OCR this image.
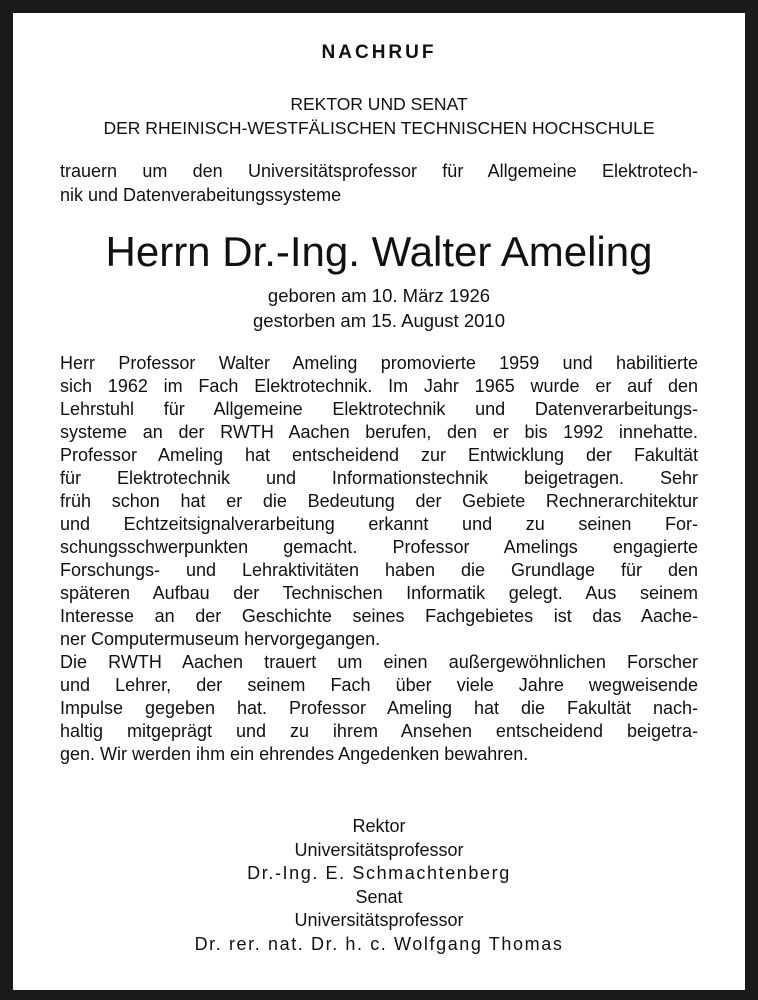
NACHRUF
REKTOR UND SENAT
DER RHEINISCH-WESTFÄLISCHEN TECHNISCHEN HOCHSCHULE
trauern um den Universitätsprofessor für Allgemeine Elektrotech-
nik und Datenverabeitungssysteme
Herrn Dr.-Ing. Walter Ameling
geboren am 10. März 1926
gestorben am 15. August 2010

Herr Professor Walter Ameling promovierte 1959 und habilitierte
sich 1962 im Fach Elektrotechnik. Im Jahr 1965 wurde er auf den
Lehrstuhl für Allgemeine Elektrotechnik und Datenverarbeitungs-
systeme an der RWTH Aachen berufen, den er bis 1992 innehatte.

Professor Ameling hat entscheidend zur Entwicklung der Fakultät
für Elektrotechnik und Informationstechnik beigetragen. Sehr
früh schon hat er die Bedeutung der Gebiete Rechnerarchitektur
und Echtzeitsignalverarbeitung erkannt und zu seinen For-
schungsschwerpunkten gemacht. Professor Amelings engagierte
Forschungs- und Lehraktivitäten haben die Grundlage für den
späteren Aufbau der Technischen Informatik gelegt. Aus seinem
Interesse an der Geschichte seines Fachgebietes ist das Aache-
ner Computermuseum hervorgegangen.

Die RWTH Aachen trauert um einen außergewöhnlichen Forscher
und Lehrer, der seinem Fach über viele Jahre wegweisende
Impulse gegeben hat. Professor Ameling hat die Fakultät nach-
haltig mitgeprägt und zu ihrem Ansehen entscheidend beigetra-
gen. Wir werden ihm ein ehrendes Angedenken bewahren.

Rektor
Universitätsprofessor
Dr.-Ing. E. Schmachtenberg
Senat
Universitätsprofessor
Dr. rer. nat. Dr. h. c. Wolfgang Thomas
